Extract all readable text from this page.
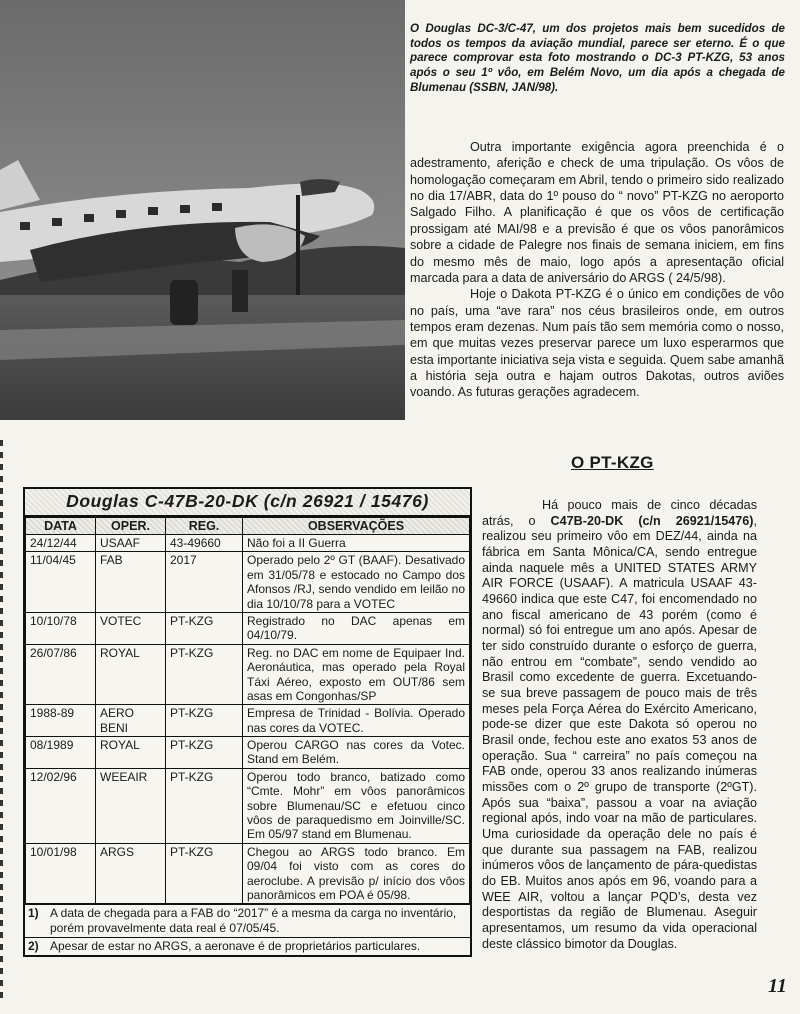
O Douglas DC-3/C-47, um dos projetos mais bem sucedidos de todos os tempos da aviação mundial, parece ser eterno. É o que parece comprovar esta foto mostrando o DC-3 PT-KZG, 53 anos após o seu 1º vôo, em Belém Novo, um dia após a chegada de Blumenau (SSBN, JAN/98).

Outra importante exigência agora preenchida é o adestramento, aferição e check de uma tripulação. Os vôos de homologação começaram em Abril, tendo o primeiro sido realizado no dia 17/ABR, data do 1º pouso do “ novo” PT-KZG no aeroporto Salgado Filho. A planificação é que os vôos de certificação prossigam até MAI/98 e a previsão é que os vôos panorâmicos sobre a cidade de Palegre nos finais de semana iniciem, em fins do mesmo mês de maio, logo após a apresentação oficial marcada para a data de aniversário do ARGS ( 24/5/98).

Hoje o Dakota PT-KZG é o único em condições de vôo no país, uma “ave rara” nos céus brasileiros onde, em outros tempos eram dezenas. Num país tão sem memória como o nosso, em que muitas vezes preservar parece um luxo esperarmos que esta importante iniciativa seja vista e seguida. Quem sabe amanhã a história seja outra e hajam outros Dakotas, outros aviões voando. As futuras gerações agradecem.

O PT-KZG

Há pouco mais de cinco décadas atrás, o C47B-20-DK (c/n 26921/15476), realizou seu primeiro vôo em DEZ/44, ainda na fábrica em Santa Mônica/CA, sendo entregue ainda naquele mês a UNITED STATES ARMY AIR FORCE (USAAF). A matricula USAAF 43-49660 indica que este C47, foi encomendado no ano fiscal americano de 43 porém (como é normal) só foi entregue um ano após. Apesar de ter sido construído durante o esforço de guerra, não entrou em “combate”, sendo vendido ao Brasil como excedente de guerra. Excetuando-se sua breve passagem de pouco mais de três meses pela Força Aérea do Exército Americano, pode-se dizer que este Dakota só operou no Brasil onde, fechou este ano exatos 53 anos de operação. Sua “ carreira” no país começou na FAB onde, operou 33 anos realizando inúmeras missões com o 2º grupo de transporte (2ºGT). Após sua “baixa”, passou a voar na aviação regional após, indo voar na mão de particulares. Uma curiosidade da operação dele no país é que durante sua passagem na FAB, realizou inúmeros vôos de lançamento de pára-quedistas do EB. Muitos anos após em 96, voando para a WEE AIR, voltou a lançar PQD’s, desta vez desportistas da região de Blumenau. Aseguir apresentamos, um resumo da vida operacional deste clássico bimotor da Douglas.

Douglas C-47B-20-DK (c/n 26921 / 15476)
DATA	OPER.	REG.	OBSERVAÇÕES
24/12/44	USAAF	43-49660	Não foi a II Guerra
11/04/45	FAB	2017	Operado pelo 2º GT (BAAF). Desativado em 31/05/78 e estocado no Campo dos Afonsos /RJ, sendo vendido em leilão no dia 10/10/78 para a VOTEC
10/10/78	VOTEC	PT-KZG	Registrado no DAC apenas em 04/10/79.
26/07/86	ROYAL	PT-KZG	Reg. no DAC em nome de Equipaer Ind. Aeronáutica, mas operado pela Royal Táxi Aéreo, exposto em OUT/86 sem asas em Congonhas/SP
1988-89	AERO BENI	PT-KZG	Empresa de Trinidad - Bolívia. Operado nas cores da VOTEC.
08/1989	ROYAL	PT-KZG	Operou CARGO nas cores da Votec. Stand em Belém.
12/02/96	WEEAIR	PT-KZG	Operou todo branco, batizado como “Cmte. Mohr” em vôos panorâmicos sobre Blumenau/SC e efetuou cinco vôos de paraquedismo em Joinville/SC. Em 05/97 stand em Blumenau.
10/01/98	ARGS	PT-KZG	Chegou ao ARGS todo branco. Em 09/04 foi visto com as cores do aeroclube. A previsão p/ início dos vôos panorâmicos em POA é 05/98.
1) A data de chegada para a FAB do “2017” é a mesma da carga no inventário, porém provavelmente data real é 07/05/45.
2) Apesar de estar no ARGS, a aeronave é de proprietários particulares.
11
